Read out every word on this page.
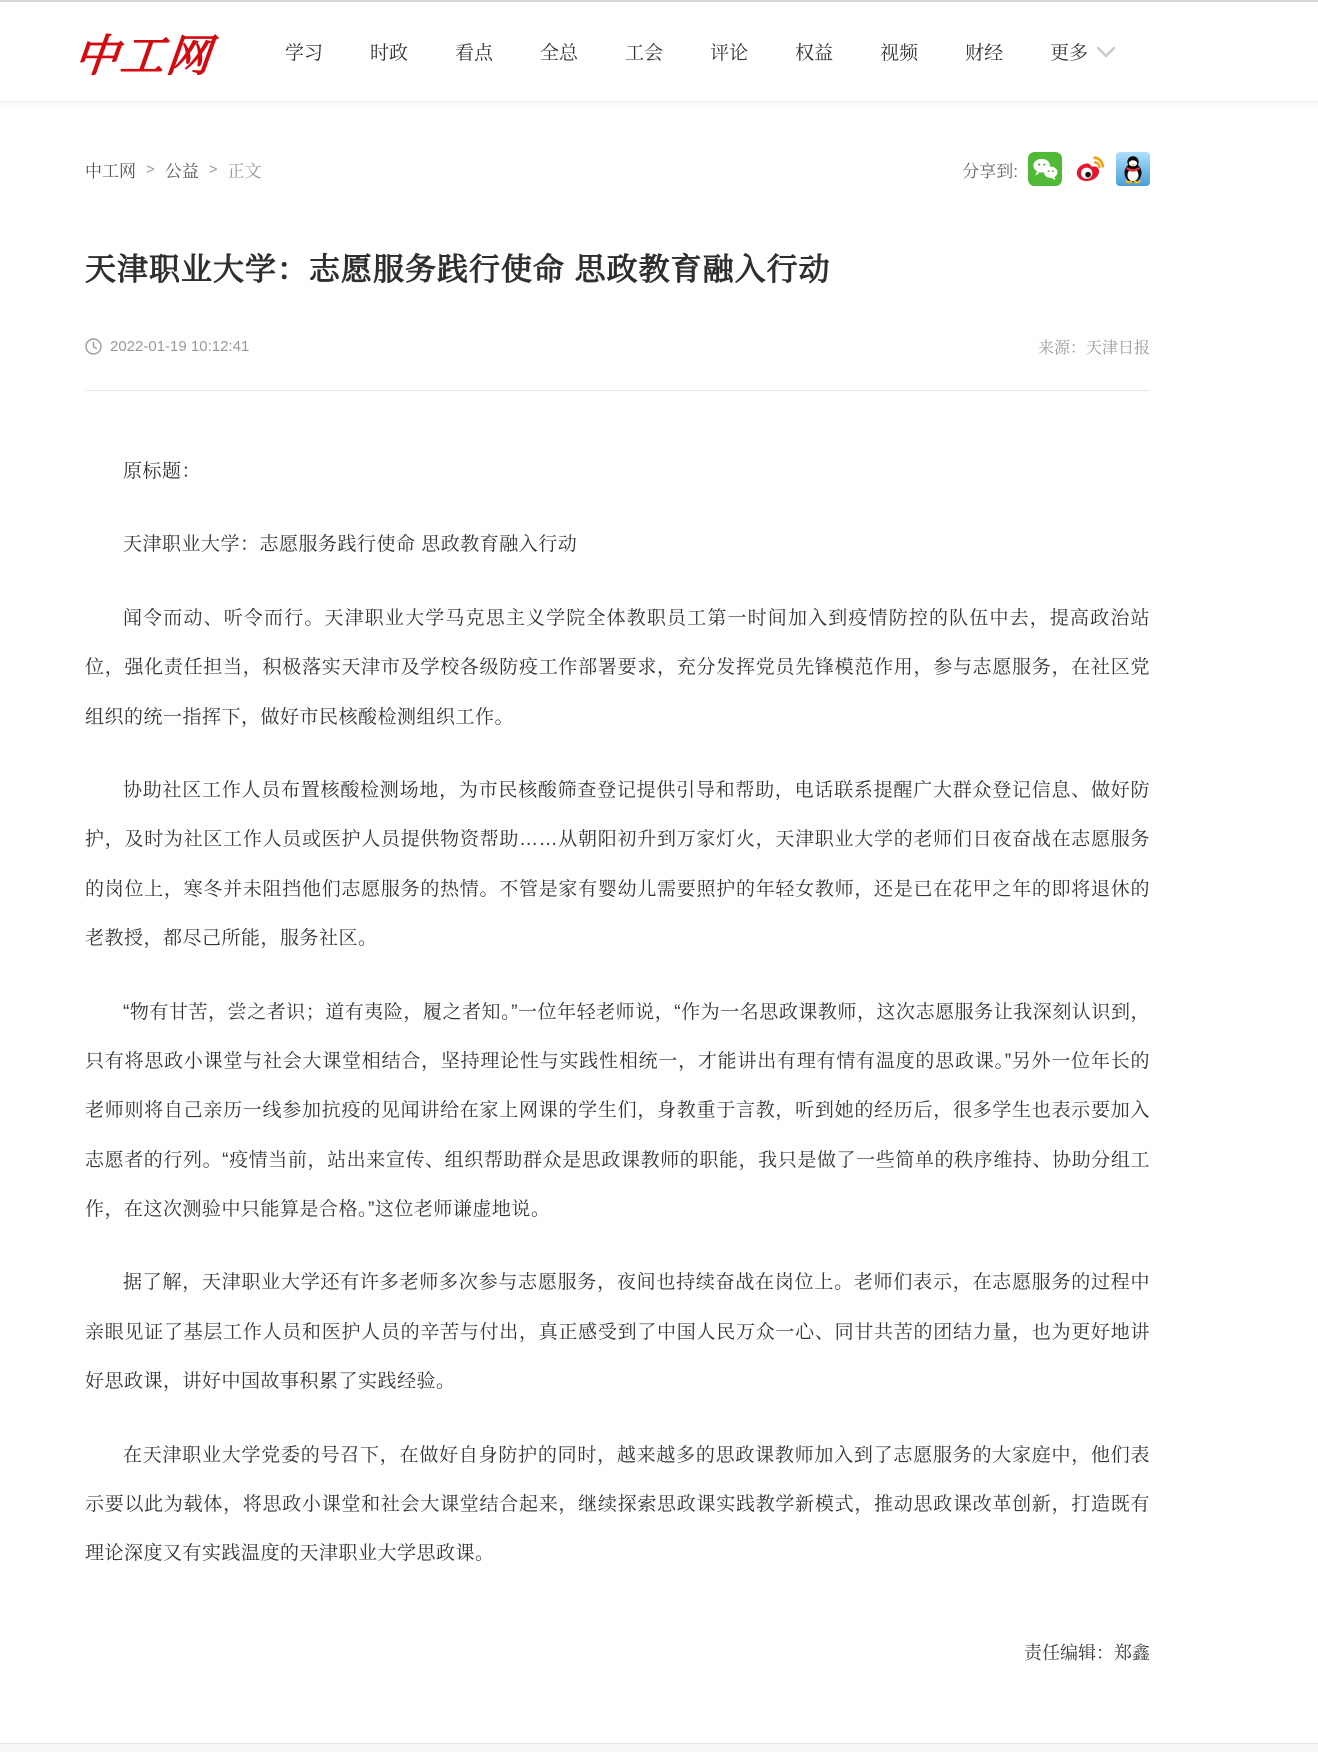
中工网	学习 时政 看点 全总 工会 评论 权益 视频 财经 更多
中工网 > 公益 > 正文	分享到:
天津职业大学：志愿服务践行使命 思政教育融入行动
2022-01-19 10:12:41	来源：天津日报

原标题：

天津职业大学：志愿服务践行使命 思政教育融入行动

闻令而动、听令而行。天津职业大学马克思主义学院全体教职员工第一时间加入到疫情防控的队伍中去，提高政治站位，强化责任担当，积极落实天津市及学校各级防疫工作部署要求，充分发挥党员先锋模范作用，参与志愿服务，在社区党组织的统一指挥下，做好市民核酸检测组织工作。

协助社区工作人员布置核酸检测场地，为市民核酸筛查登记提供引导和帮助，电话联系提醒广大群众登记信息、做好防护，及时为社区工作人员或医护人员提供物资帮助……从朝阳初升到万家灯火，天津职业大学的老师们日夜奋战在志愿服务的岗位上，寒冬并未阻挡他们志愿服务的热情。不管是家有婴幼儿需要照护的年轻女教师，还是已在花甲之年的即将退休的老教授，都尽己所能，服务社区。

“物有甘苦，尝之者识；道有夷险，履之者知。”一位年轻老师说，“作为一名思政课教师，这次志愿服务让我深刻认识到，只有将思政小课堂与社会大课堂相结合，坚持理论性与实践性相统一，才能讲出有理有情有温度的思政课。”另外一位年长的老师则将自己亲历一线参加抗疫的见闻讲给在家上网课的学生们，身教重于言教，听到她的经历后，很多学生也表示要加入志愿者的行列。“疫情当前，站出来宣传、组织帮助群众是思政课教师的职能，我只是做了一些简单的秩序维持、协助分组工作，在这次测验中只能算是合格。”这位老师谦虚地说。

据了解，天津职业大学还有许多老师多次参与志愿服务，夜间也持续奋战在岗位上。老师们表示，在志愿服务的过程中亲眼见证了基层工作人员和医护人员的辛苦与付出，真正感受到了中国人民万众一心、同甘共苦的团结力量，也为更好地讲好思政课，讲好中国故事积累了实践经验。

在天津职业大学党委的号召下，在做好自身防护的同时，越来越多的思政课教师加入到了志愿服务的大家庭中，他们表示要以此为载体，将思政小课堂和社会大课堂结合起来，继续探索思政课实践教学新模式，推动思政课改革创新，打造既有理论深度又有实践温度的天津职业大学思政课。

责任编辑：郑鑫
